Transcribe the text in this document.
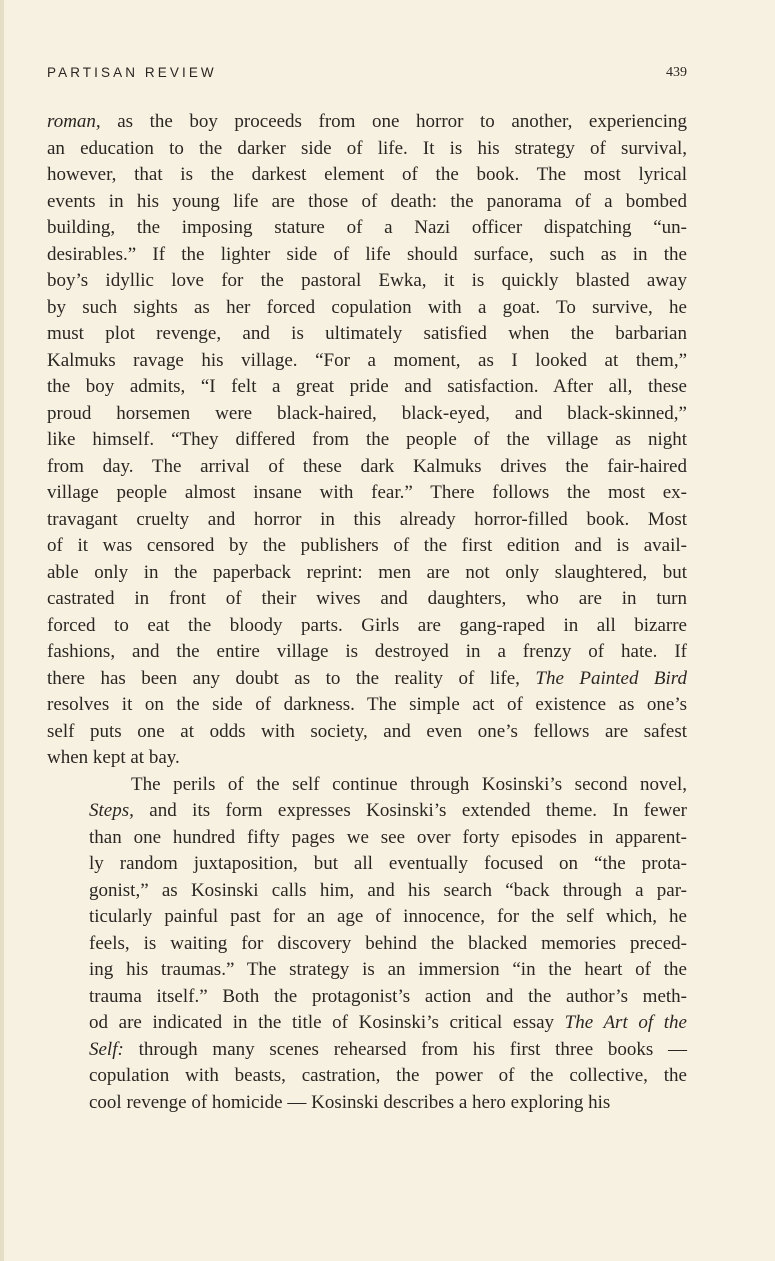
PARTISAN REVIEW	439
roman, as the boy proceeds from one horror to another, experiencing
an education to the darker side of life. It is his strategy of survival,
however, that is the darkest element of the book. The most lyrical
events in his young life are those of death: the panorama of a bombed
building, the imposing stature of a Nazi officer dispatching “un-
desirables.” If the lighter side of life should surface, such as in the
boy’s idyllic love for the pastoral Ewka, it is quickly blasted away
by such sights as her forced copulation with a goat. To survive, he
must plot revenge, and is ultimately satisfied when the barbarian
Kalmuks ravage his village. “For a moment, as I looked at them,”
the boy admits, “I felt a great pride and satisfaction. After all, these
proud horsemen were black-haired, black-eyed, and black-skinned,”
like himself. “They differed from the people of the village as night
from day. The arrival of these dark Kalmuks drives the fair-haired
village people almost insane with fear.” There follows the most ex-
travagant cruelty and horror in this already horror-filled book. Most
of it was censored by the publishers of the first edition and is avail-
able only in the paperback reprint: men are not only slaughtered, but
castrated in front of their wives and daughters, who are in turn
forced to eat the bloody parts. Girls are gang-raped in all bizarre
fashions, and the entire village is destroyed in a frenzy of hate. If
there has been any doubt as to the reality of life, The Painted Bird
resolves it on the side of darkness. The simple act of existence as one’s
self puts one at odds with society, and even one’s fellows are safest
when kept at bay.
The perils of the self continue through Kosinski’s second novel,
Steps, and its form expresses Kosinski’s extended theme. In fewer
than one hundred fifty pages we see over forty episodes in apparent-
ly random juxtaposition, but all eventually focused on “the prota-
gonist,” as Kosinski calls him, and his search “back through a par-
ticularly painful past for an age of innocence, for the self which, he
feels, is waiting for discovery behind the blacked memories preced-
ing his traumas.” The strategy is an immersion “in the heart of the
trauma itself.” Both the protagonist’s action and the author’s meth-
od are indicated in the title of Kosinski’s critical essay The Art of the
Self: through many scenes rehearsed from his first three books —
copulation with beasts, castration, the power of the collective, the
cool revenge of homicide — Kosinski describes a hero exploring his
